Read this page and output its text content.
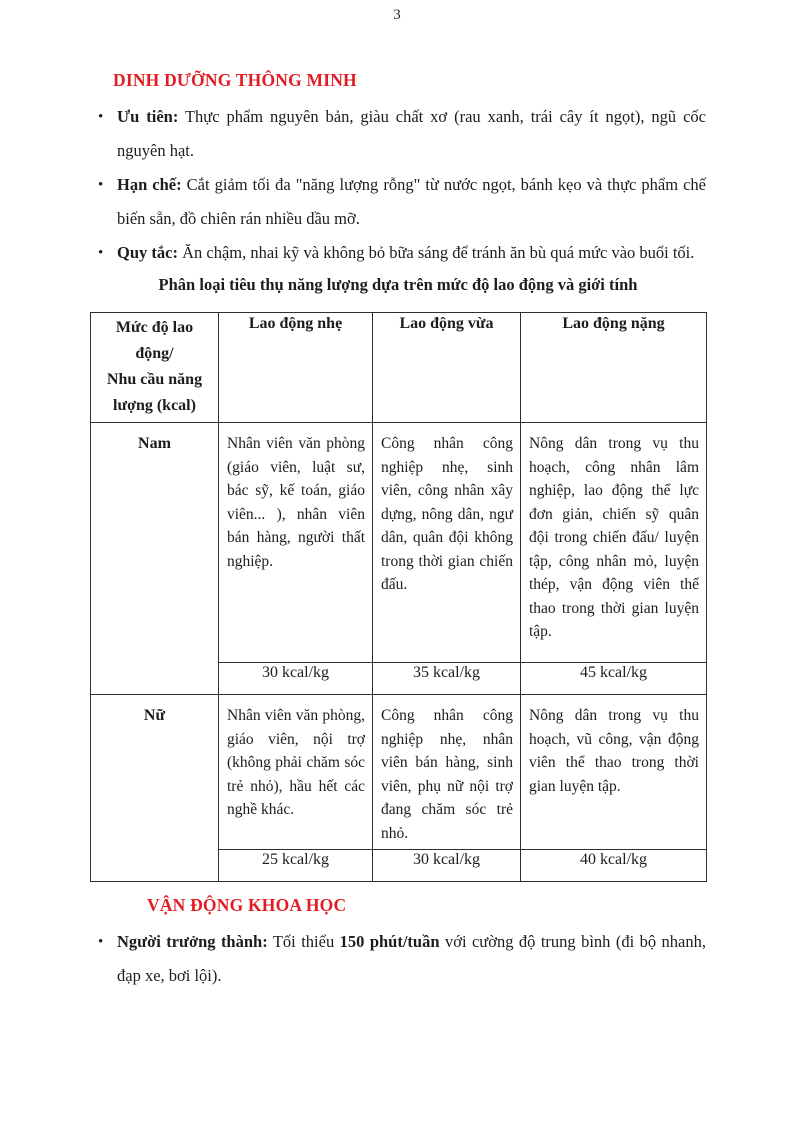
3
DINH DƯỠNG THÔNG MINH
• Ưu tiên: Thực phẩm nguyên bản, giàu chất xơ (rau xanh, trái cây ít ngọt), ngũ cốc nguyên hạt.
• Hạn chế: Cắt giảm tối đa "năng lượng rỗng" từ nước ngọt, bánh kẹo và thực phẩm chế biến sẵn, đồ chiên rán nhiều dầu mỡ.
• Quy tắc: Ăn chậm, nhai kỹ và không bỏ bữa sáng để tránh ăn bù quá mức vào buổi tối.
Phân loại tiêu thụ năng lượng dựa trên mức độ lao động và giới tính
Mức độ lao động/
Nhu cầu năng lượng (kcal)	Lao động nhẹ	Lao động vừa	Lao động nặng
Nam	Nhân viên văn phòng (giáo viên, luật sư, bác sỹ, kế toán, giáo viên... ), nhân viên bán hàng, người thất nghiệp.	Công nhân công nghiệp nhẹ, sinh viên, công nhân xây dựng, nông dân, ngư dân, quân đội không trong thời gian chiến đấu.	Nông dân trong vụ thu hoạch, công nhân lâm nghiệp, lao động thể lực đơn giản, chiến sỹ quân đội trong chiến đấu/ luyện tập, công nhân mỏ, luyện thép, vận động viên thể thao trong thời gian luyện tập.
	30 kcal/kg	35 kcal/kg	45 kcal/kg
Nữ	Nhân viên văn phòng, giáo viên, nội trợ (không phải chăm sóc trẻ nhỏ), hầu hết các nghề khác.	Công nhân công nghiệp nhẹ, nhân viên bán hàng, sinh viên, phụ nữ nội trợ đang chăm sóc trẻ nhỏ.	Nông dân trong vụ thu hoạch, vũ công, vận động viên thể thao trong thời gian luyện tập.
	25 kcal/kg	30 kcal/kg	40 kcal/kg
VẬN ĐỘNG KHOA HỌC
• Người trưởng thành: Tối thiểu 150 phút/tuần với cường độ trung bình (đi bộ nhanh, đạp xe, bơi lội).
